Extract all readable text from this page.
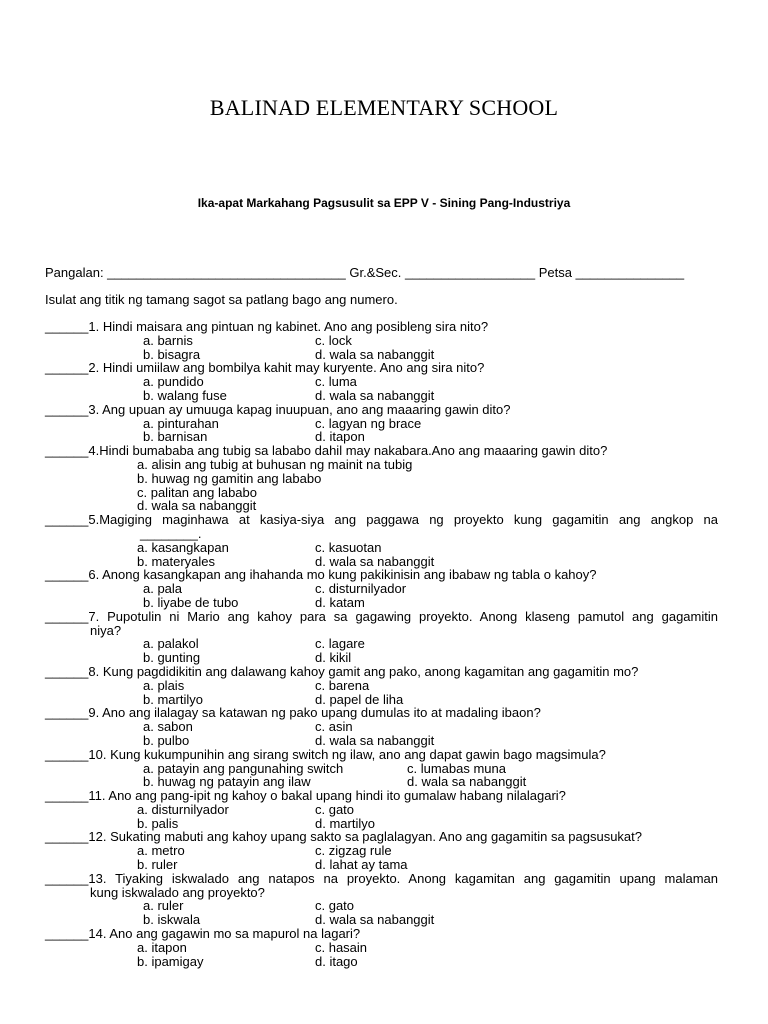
BALINAD ELEMENTARY SCHOOL
Ika-apat Markahang Pagsusulit sa EPP V - Sining Pang-Industriya
Pangalan: _________________________________ Gr.&Sec. __________________ Petsa _______________
Isulat ang titik ng tamang sagot sa patlang bago ang numero.
______ 1. Hindi maisara ang pintuan ng kabinet. Ano ang posibleng sira nito?
a. barnis	c. lock
b. bisagra	d. wala sa nabanggit
______ 2. Hindi umiilaw ang bombilya kahit may kuryente. Ano ang sira nito?
a. pundido	c. luma
b. walang fuse	d. wala sa nabanggit
______ 3. Ang upuan ay umuuga kapag inuupuan, ano ang maaaring gawin dito?
a. pinturahan	c. lagyan ng brace
b. barnisan	d. itapon
______ 4.Hindi bumababa ang tubig sa lababo dahil may nakabara.Ano ang maaaring gawin dito?
a. alisin ang tubig at buhusan ng mainit na tubig
b. huwag ng gamitin ang lababo
c. palitan ang lababo
d. wala sa nabanggit
______ 5.Magiging maginhawa at kasiya-siya ang paggawa ng proyekto kung gagamitin ang angkop na
________.
a. kasangkapan	c. kasuotan
b. materyales	d. wala sa nabanggit
______ 6. Anong kasangkapan ang ihahanda mo kung pakikinisin ang ibabaw ng tabla o kahoy?
a. pala	c. disturnilyador
b. liyabe de tubo	d. katam
______ 7. Pupotulin ni Mario ang kahoy para sa gagawing proyekto. Anong klaseng pamutol ang gagamitin
niya?
a. palakol	c. lagare
b. gunting	d. kikil
______ 8. Kung pagdidikitin ang dalawang kahoy gamit ang pako, anong kagamitan ang gagamitin mo?
a. plais	c. barena
b. martilyo	d. papel de liha
______ 9. Ano ang ilalagay sa katawan ng pako upang dumulas ito at madaling ibaon?
a. sabon	c. asin
b. pulbo	d. wala sa nabanggit
______ 10. Kung kukumpunihin ang sirang switch ng ilaw, ano ang dapat gawin bago magsimula?
a. patayin ang pangunahing switch	c. lumabas muna
b. huwag ng patayin ang ilaw	d. wala sa nabanggit
______ 11. Ano ang pang-ipit ng kahoy o bakal upang hindi ito gumalaw habang nilalagari?
a. disturnilyador	c. gato
b. palis	d. martilyo
______ 12. Sukating mabuti ang kahoy upang sakto sa paglalagyan. Ano ang gagamitin sa pagsusukat?
a. metro	c. zigzag rule
b. ruler	d. lahat ay tama
______ 13. Tiyaking iskwalado ang natapos na proyekto. Anong kagamitan ang gagamitin upang malaman
kung iskwalado ang proyekto?
a. ruler	c. gato
b. iskwala	d. wala sa nabanggit
______ 14. Ano ang gagawin mo sa mapurol na lagari?
a. itapon	c. hasain
b. ipamigay	d. itago
